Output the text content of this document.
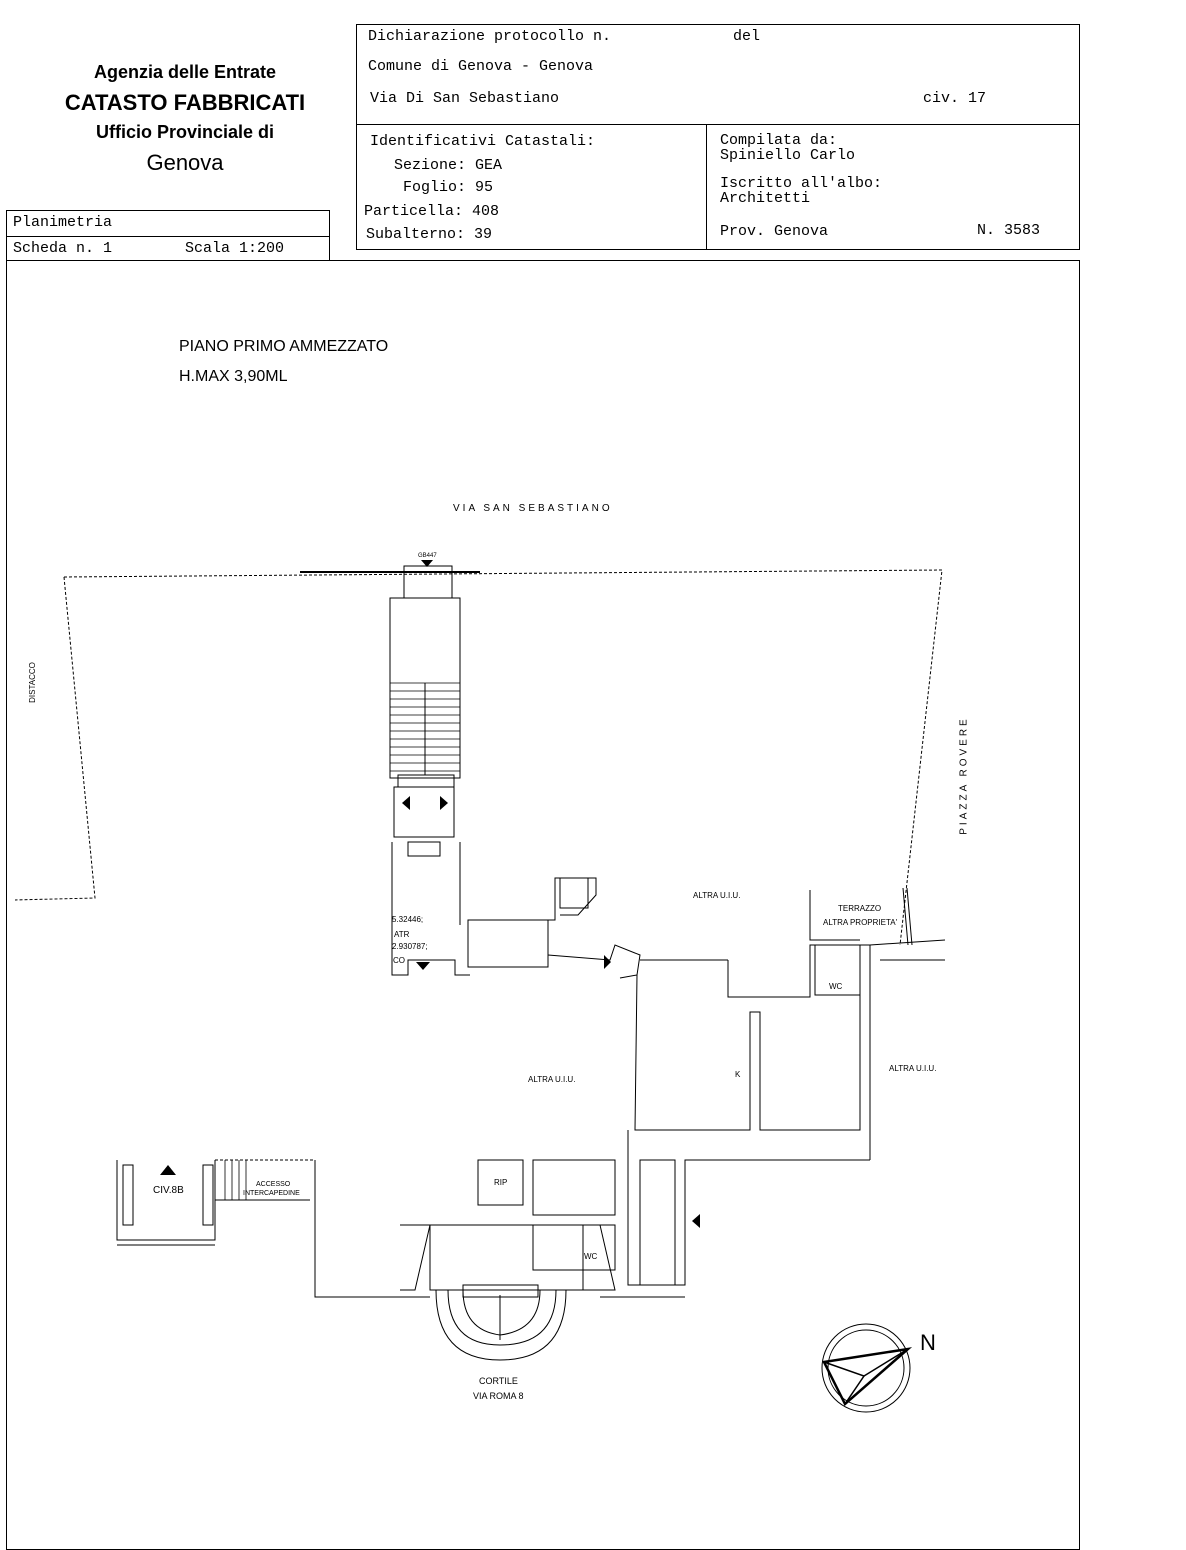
Agenzia delle Entrate
CATASTO FABBRICATI
Ufficio Provinciale di
Genova
Planimetria
Scheda n. 1	Scala 1:200
Dichiarazione protocollo n.	del
Comune di Genova - Genova
Via Di San Sebastiano	civ. 17
Identificativi Catastali:
Sezione: GEA
Foglio: 95
Particella: 408
Subalterno: 39
Compilata da:
Spiniello Carlo
Iscritto all'albo:
Architetti
Prov. Genova	N. 3583
PIANO PRIMO AMMEZZATO
H.MAX 3,90ML
VIA SAN SEBASTIANO
PIAZZA ROVERE
DISTACCO
GB447
ALTRA U.I.U.
ALTRA U.I.U.
ALTRA U.I.U.
TERRAZZO
ALTRA PROPRIETA'
WC
WC
K
RIP
CIV.8B
ACCESSO
INTERCAPEDINE
CORTILE
VIA ROMA 8
5.32446;
ATR
2.930787;
CO
N
